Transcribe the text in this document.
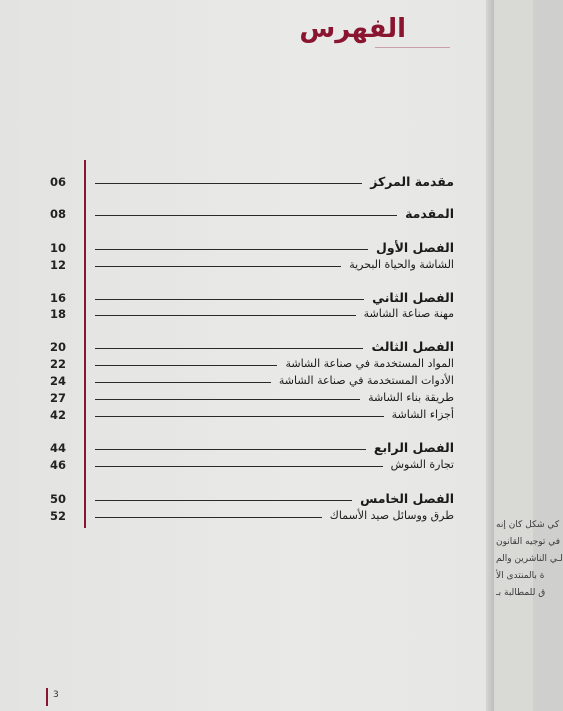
الفهرس
06	مقدمة المركز
08	المقدمة
10	الفصل الأول
12	الشاشة والحياة البحرية
16	الفصل الثاني
18	مهنة صناعة الشاشة
20	الفصل الثالث
22	المواد المستخدمة في صناعة الشاشة
24	الأدوات المستخدمة في صناعة الشاشة
27	طريقة بناء الشاشة
42	أجزاء الشاشة
44	الفصل الرابع
46	تجارة الشوش
50	الفصل الخامس
52	طرق ووسائل صيد الأسماك
3
كي شكل كان إنه
في توجيه القانون
لـي الناشرين والم
ة بالمنتدى الأ
ق للمطالبة بـ
